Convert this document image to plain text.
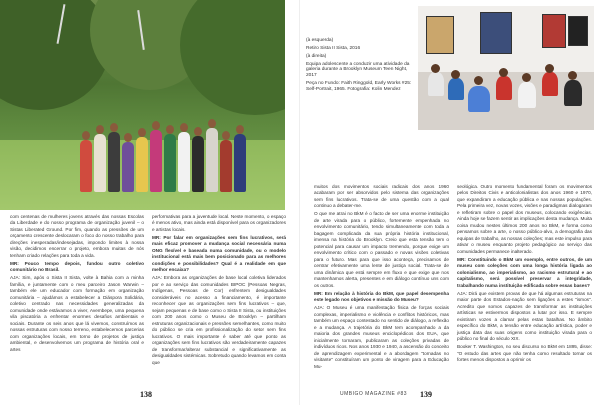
com centenas de mulheres jovens através das nossas Escolas da Liberdade e do nosso programa de organização juvenil – o Sistas Liberated Ground. Por fim, quando as pressões de um orçamento crescente deslocaram o foco do nosso trabalho para direções inesperadas/indesejadas, impondo limites à nossa visão, decidimos encerrar o projeto, embora muitas de nós tenham criado relações para toda a vida.

MR: Pouco tempo depois, fundou outro coletivo comunitário no Brasil.

AJA: Sim, após o Sista II Sista, volte à Bahia com a minha família, e juntamente com o meu parceiro Jason Warwin – também ele um educador com formação em organização comunitária – ajudámos a estabelecer a Diáspora Solidária, coletivo centrado nas necessidades generalizadas da comunidade onde estávamos a viver, Avembepe, uma pequena vila piscatória a enfrentar enormes desafios ambientais e sociais. Durante os seis anos que lá vivemos, construímos as nossas estruturas com nosso terreno, estabelecemos parcerias com organizações locais, em torno de projetos de justiça ambiental, e desenvolvemos um programa de história oral e artes

performativas para a juventude local. Neste momento, o espaço é menos ativo, mas ainda está disponível para os organizadores e artistas locais.

MR: Por falar em organizações sem fins lucrativos, será mais eficaz promover a mudança social necessária numa ONG flexível e baseada numa comunidade, ou o modelo institucional está mais bem posicionado para as melhores condições e possibilidades? Qual é a realidade em que melhor encaixa?

AJA: Embora as organizações de base local coletiva liderados por e ao serviço das comunidades BIPOC (Pessoas Negras, Indígenas, Pessoas de Cor) enfrentem desigualdades consideráveis no acesso a financiamento, é importante reconhecer que as organizações sem fins lucrativos – que, sejam pequenas e de base como o Sista II Sista, ou instituições com 200 anos como o Museu de Brooklyn – partilham estruturas organizacionais e pressões semelhantes, como muito do público se cria em profissionalização do setor sem fins lucrativos. O mais importante é saber até que ponto as organizações sem fins lucrativos são verdadeiramente capazes de transformar/alterar substancial e significativamente as desigualdades sistémicas. Sobretudo quando levamos em conta que

(à esquerda)
Retiro Sista II Sista, 2016
(à direita)
Equipa adolescente a conduzir uma atividade da galeria durante a Brooklyn Museum Teen Night, 2017
Peça no Fundo: Faith Ringgold, Early Works #25: Self-Portrait, 1965. Fotografia: Kolin Mendez

muitos dos movimentos sociais radicais dos anos 1960 acabaram por ser absorvidos pelo sistema das organizações sem fins lucrativos. Trata-se de uma questão com a qual continuo a debater-me.

O que me atrai no BkM é o facto de ser uma enorme instituição de arte virada para o público, fortemente empenhada no envolvimento comunitário, tendo simultaneamente com toda a bagagem complicada da sua própria história institucional, imensa na história do Brooklyn. Creio que esta tensão tem o potencial para causar um impacto tremendo, porque exige um envolvimento crítico com o passado e novas visões coletivas para o futuro. Mas para que isso aconteça, precisamos de centrar efetivamente uma lente de justiça social. Trata-se de uma dinâmica que está sempre em fluxo e que exige que nos mantenhamos alerta, presentes e em diálogo contínuo uns com os outros.

MR: Em relação à história do BkM, que papel desempenha este legado nos objetivos e missão do Museu?

AJA: O Museu é uma manifestação física de forças sociais complexas, imperialismo e violência e conflitos históricos, mas também um espaço contestado no sentido de diálogo, a reflexão e a mudança. A trajetória do BkM tem acompanhado a da maioria dos grandes museus enciclopédicos dos EUA, que inicialmente tornaram, publicaram as coleções privadas de indivíduos ricos. Nos anos 1930 e 1940, a ascensão do conceito de aprendizagem experimental e a abordagem "tornadas no visitante" constituíram um ponto de viragem para a Educação Mu-

seológica. Outro momento fundamental foram os movimentos pelos Direitos Civis e anticolonialistas dos anos 1960 e 1970, que expandiram a educação pública e nas nossas populações. Pela primeira vez, novas vozes, visões e paradigmas dialogaram e refletiram sobre o papel dos museus, colocando exigências. Ainda hoje se fazem sentir as implicações desta mudança. Muita coisa mudou nestes últimos 200 anos no BkM, e forma como pensamos sobre a arte, o nosso público-alvo, a demografia das equipas de trabalho, as nossas coleções; mas este impulso para ativar o museu enquanto projeto pedagógico ao serviço das comunidades permanece inalterado.

MR: Constituindo o BkM um exemplo, entre outros, de um museu com coleções com uma longa história ligada ao colonialismo, ao imperialismo, ao racismo estrutural e ao capitalismo, será possível preservar a integridade, trabalhando numa instituição edificada sobre essas bases?

AJA: Dirá que existem provas de que há algumas estruturas na maior parte dos Estados-nação sem ligações a estes "ismos". Acredito que somos capazes de transformar as instituições artísticas se estivermos dispostos a lutar por isso. E sempre existiram vozes a clamar pelas estas batalhas. No âmbito específico do BkM, a tensão entre educação artística, poder e justiça data das suas origens como instituição virada para o público no final do século XIX.

Booker T. Washington, no seu discurso no BkM em 1895, disse: "O estudo das artes que não tenha como resultado tornar os fortes menos dispostos a oprimir os

138	UMBIGO MAGAZINE #83 139
